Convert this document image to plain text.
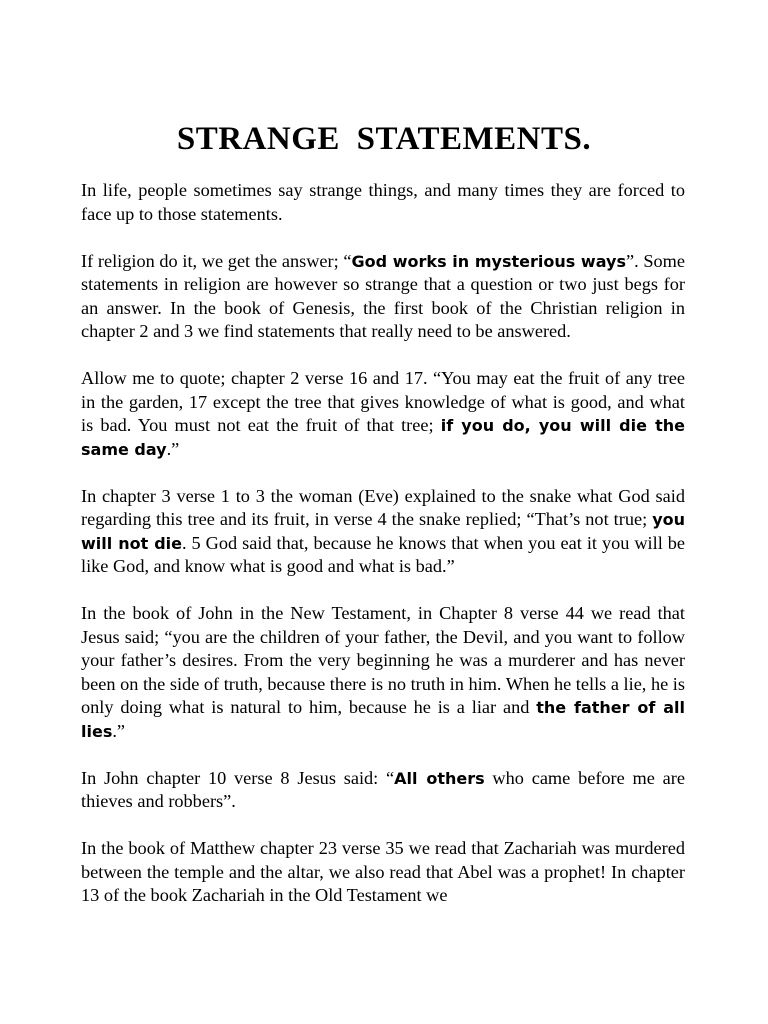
STRANGE STATEMENTS.

In life, people sometimes say strange things, and many times they are forced to face up to those statements.

If religion do it, we get the answer; “God works in mysterious ways”. Some statements in religion are however so strange that a question or two just begs for an answer. In the book of Genesis, the first book of the Christian religion in chapter 2 and 3 we find statements that really need to be answered.

Allow me to quote; chapter 2 verse 16 and 17. “You may eat the fruit of any tree in the garden, 17 except the tree that gives knowledge of what is good, and what is bad. You must not eat the fruit of that tree; if you do, you will die the same day.”

In chapter 3 verse 1 to 3 the woman (Eve) explained to the snake what God said regarding this tree and its fruit, in verse 4 the snake replied; “That’s not true; you will not die. 5 God said that, because he knows that when you eat it you will be like God, and know what is good and what is bad.”

In the book of John in the New Testament, in Chapter 8 verse 44 we read that Jesus said; “you are the children of your father, the Devil, and you want to follow your father’s desires. From the very beginning he was a murderer and has never been on the side of truth, because there is no truth in him. When he tells a lie, he is only doing what is natural to him, because he is a liar and the father of all lies.”

In John chapter 10 verse 8 Jesus said: “All others who came before me are thieves and robbers”.

In the book of Matthew chapter 23 verse 35 we read that Zachariah was murdered between the temple and the altar, we also read that Abel was a prophet! In chapter 13 of the book Zachariah in the Old Testament we
